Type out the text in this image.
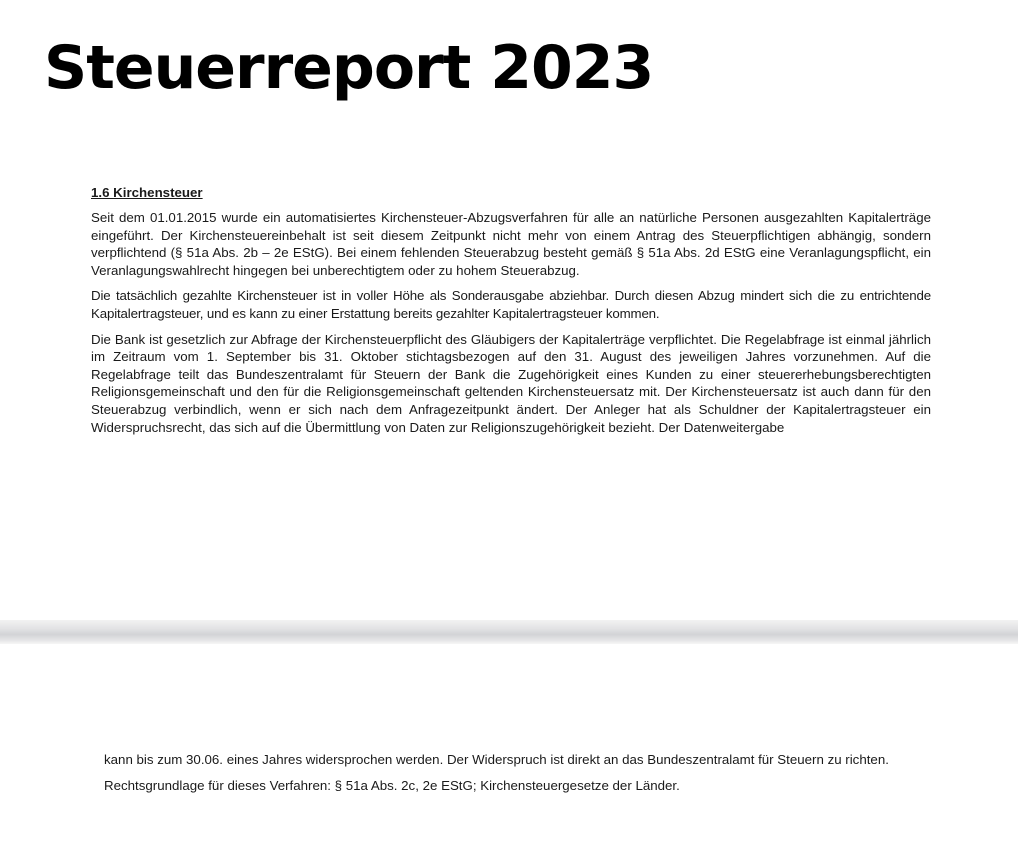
Steuerreport 2023
1.6 Kirchensteuer

Seit dem 01.01.2015 wurde ein automatisiertes Kirchensteuer-Abzugsverfahren für alle an natürliche Personen ausgezahlten Kapitalerträge eingeführt. Der Kirchensteuereinbehalt ist seit diesem Zeitpunkt nicht mehr von einem Antrag des Steuerpflichtigen abhängig, sondern verpflichtend (§ 51a Abs. 2b – 2e EStG). Bei einem fehlenden Steuerabzug besteht gemäß § 51a Abs. 2d EStG eine Veranlagungspflicht, ein Veranlagungswahlrecht hingegen bei unberechtigtem oder zu hohem Steuerabzug.

Die tatsächlich gezahlte Kirchensteuer ist in voller Höhe als Sonderausgabe abziehbar. Durch diesen Abzug mindert sich die zu entrichtende Kapitalertragsteuer, und es kann zu einer Erstattung bereits gezahlter Kapitalertragsteuer kommen.

Die Bank ist gesetzlich zur Abfrage der Kirchensteuerpflicht des Gläubigers der Kapitalerträge verpflichtet. Die Regelabfrage ist einmal jährlich im Zeitraum vom 1. September bis 31. Oktober stichtagsbezogen auf den 31. August des jeweiligen Jahres vorzunehmen. Auf die Regelabfrage teilt das Bundeszentralamt für Steuern der Bank die Zugehörigkeit eines Kunden zu einer steuererhebungsberechtigten Religionsgemeinschaft und den für die Religionsgemeinschaft geltenden Kirchensteuersatz mit. Der Kirchensteuersatz ist auch dann für den Steuerabzug verbindlich, wenn er sich nach dem Anfragezeitpunkt ändert. Der Anleger hat als Schuldner der Kapitalertragsteuer ein Widerspruchsrecht, das sich auf die Übermittlung von Daten zur Religionszugehörigkeit bezieht. Der Datenweitergabe

kann bis zum 30.06. eines Jahres widersprochen werden. Der Widerspruch ist direkt an das Bundeszentralamt für Steuern zu richten.

Rechtsgrundlage für dieses Verfahren: § 51a Abs. 2c, 2e EStG; Kirchensteuergesetze der Länder.
